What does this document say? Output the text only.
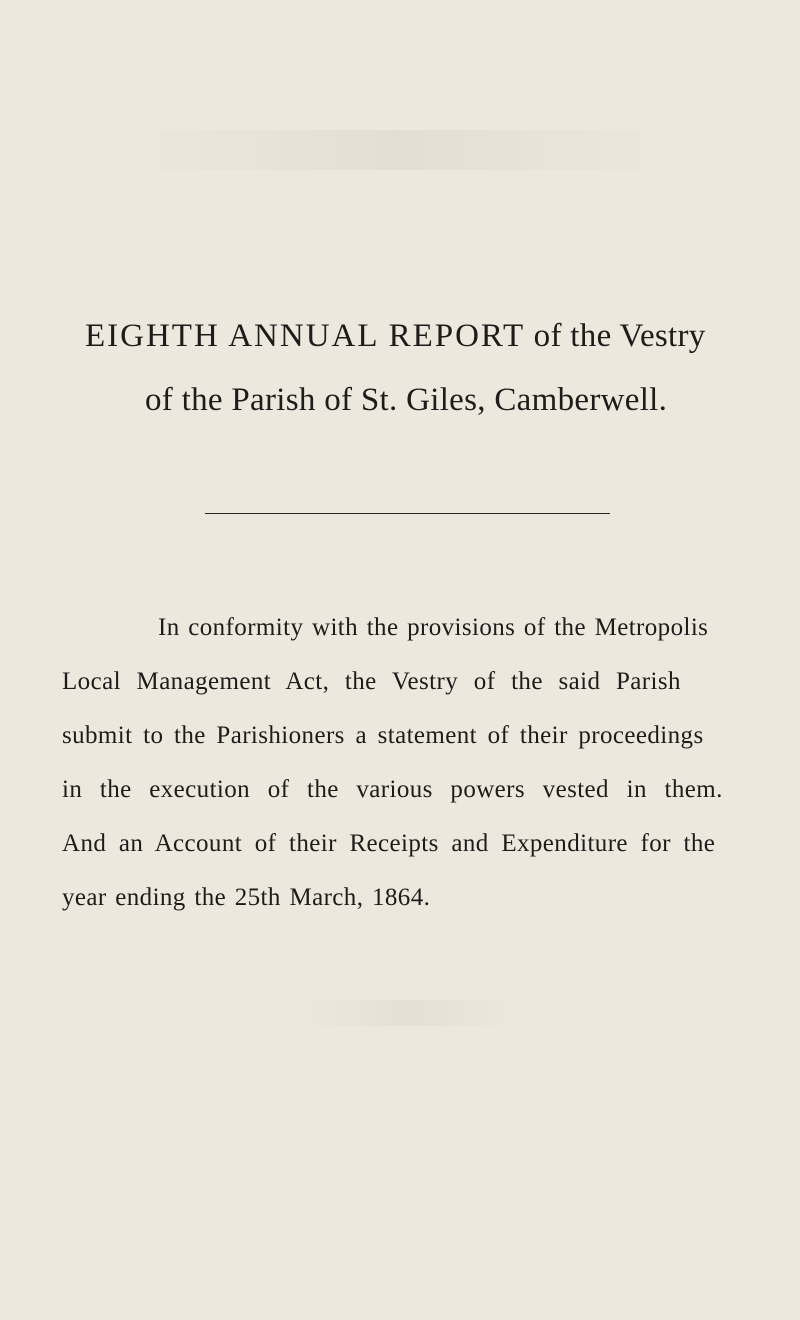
EIGHTH ANNUAL REPORT of the Vestry
of the Parish of St. Giles, Camberwell.
In conformity with the provisions of the Metropolis
Local Management Act, the Vestry of the said Parish
submit to the Parishioners a statement of their proceedings
in the execution of the various powers vested in them.
And an Account of their Receipts and Expenditure for the
year ending the 25th March, 1864.
